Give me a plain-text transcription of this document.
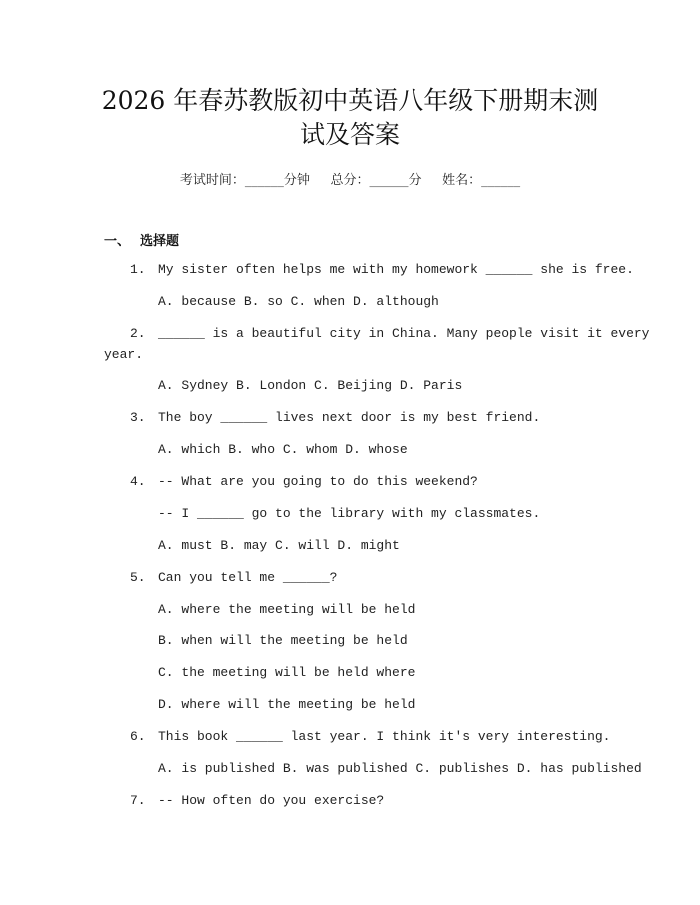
2026 年春苏教版初中英语八年级下册期末测
试及答案
考试时间：______分钟     总分：______分     姓名：______
一、 选择题
1. My sister often helps me with my homework ______ she is free.
A. because B. so C. when D. although
2. ______ is a beautiful city in China. Many people visit it every
year.
A. Sydney B. London C. Beijing D. Paris
3. The boy ______ lives next door is my best friend.
A. which B. who C. whom D. whose
4. -- What are you going to do this weekend?
-- I ______ go to the library with my classmates.
A. must B. may C. will D. might
5. Can you tell me ______?
A. where the meeting will be held
B. when will the meeting be held
C. the meeting will be held where
D. where will the meeting be held
6. This book ______ last year. I think it's very interesting.
A. is published B. was published C. publishes D. has published
7. -- How often do you exercise?
